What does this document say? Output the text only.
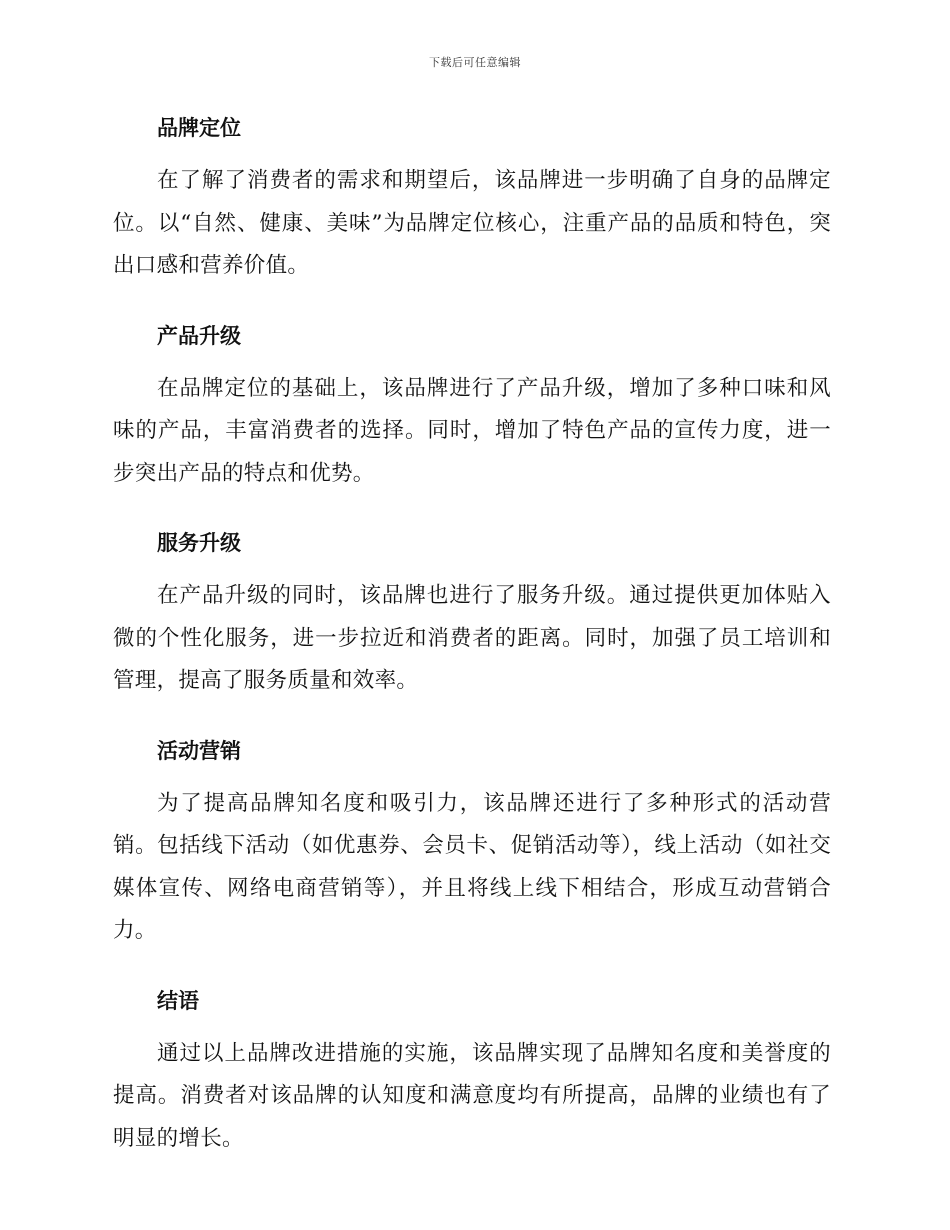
下载后可任意编辑
品牌定位

在了解了消费者的需求和期望后，该品牌进一步明确了自身的品牌定位。以“自然、健康、美味”为品牌定位核心，注重产品的品质和特色，突出口感和营养价值。

产品升级

在品牌定位的基础上，该品牌进行了产品升级，增加了多种口味和风味的产品，丰富消费者的选择。同时，增加了特色产品的宣传力度，进一步突出产品的特点和优势。

服务升级

在产品升级的同时，该品牌也进行了服务升级。通过提供更加体贴入微的个性化服务，进一步拉近和消费者的距离。同时，加强了员工培训和管理，提高了服务质量和效率。

活动营销

为了提高品牌知名度和吸引力，该品牌还进行了多种形式的活动营销。包括线下活动（如优惠券、会员卡、促销活动等），线上活动（如社交媒体宣传、网络电商营销等），并且将线上线下相结合，形成互动营销合力。

结语

通过以上品牌改进措施的实施，该品牌实现了品牌知名度和美誉度的提高。消费者对该品牌的认知度和满意度均有所提高，品牌的业绩也有了明显的增长。
